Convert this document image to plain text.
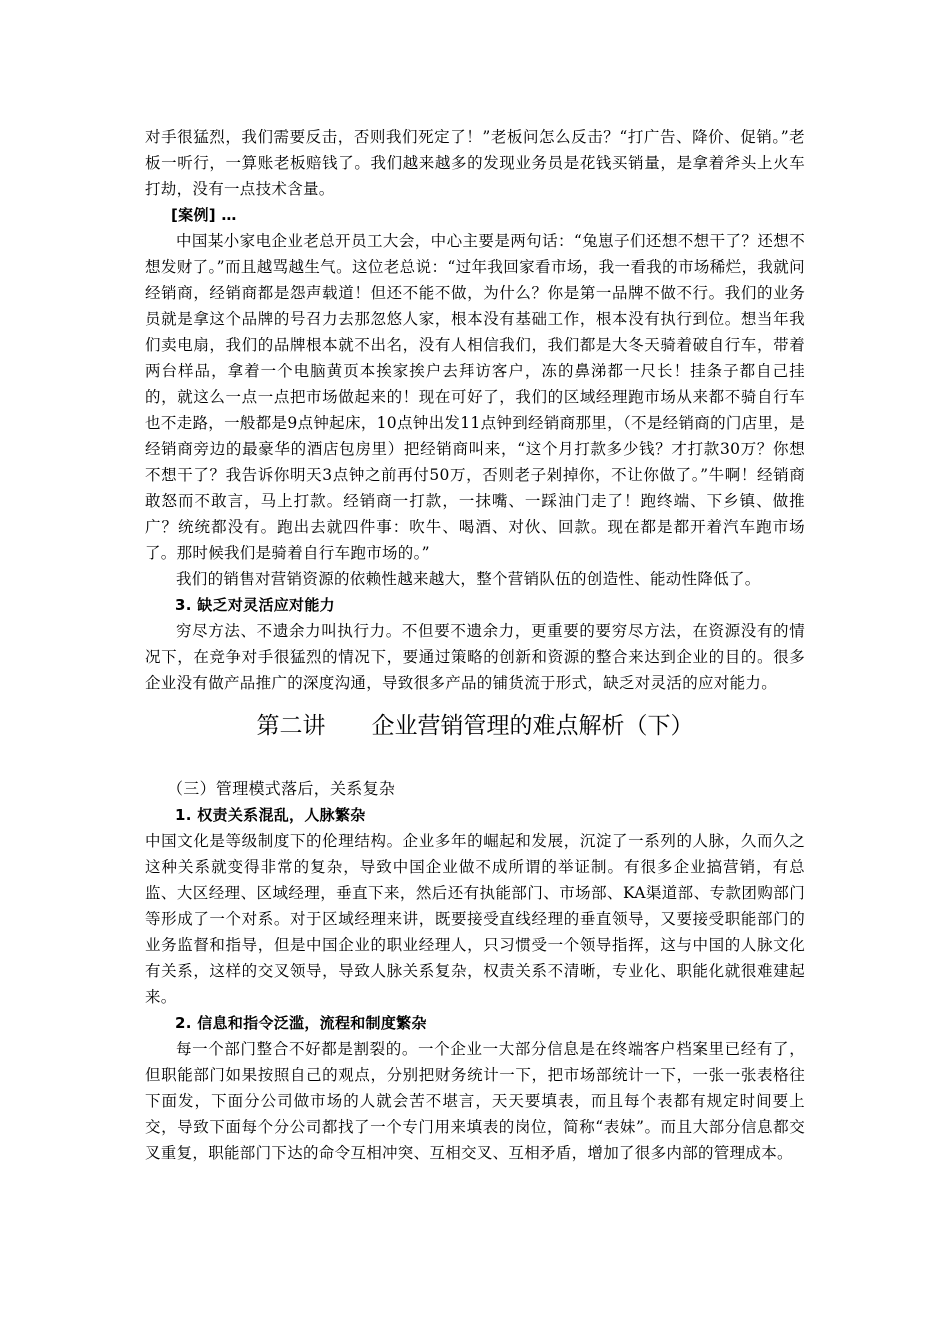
对手很猛烈，我们需要反击，否则我们死定了！”老板问怎么反击？“打广告、降价、促销。”老板一听行，一算账老板赔钱了。我们越来越多的发现业务员是花钱买销量，是拿着斧头上火车打劫，没有一点技术含量。

[案例] …

中国某小家电企业老总开员工大会，中心主要是两句话：“兔崽子们还想不想干了？还想不想发财了。”而且越骂越生气。这位老总说：“过年我回家看市场，我一看我的市场稀烂，我就问经销商，经销商都是怨声载道！但还不能不做，为什么？你是第一品牌不做不行。我们的业务员就是拿这个品牌的号召力去那忽悠人家，根本没有基础工作，根本没有执行到位。想当年我们卖电扇，我们的品牌根本就不出名，没有人相信我们，我们都是大冬天骑着破自行车，带着两台样品，拿着一个电脑黄页本挨家挨户去拜访客户，冻的鼻涕都一尺长！挂条子都自己挂的，就这么一点一点把市场做起来的！现在可好了，我们的区域经理跑市场从来都不骑自行车也不走路，一般都是9点钟起床，10点钟出发11点钟到经销商那里，（不是经销商的门店里，是经销商旁边的最豪华的酒店包房里）把经销商叫来，“这个月打款多少钱？才打款30万？你想不想干了？我告诉你明天3点钟之前再付50万，否则老子剁掉你，不让你做了。”牛啊！经销商敢怒而不敢言，马上打款。经销商一打款，一抹嘴、一踩油门走了！跑终端、下乡镇、做推广？统统都没有。跑出去就四件事：吹牛、喝酒、对伙、回款。现在都是都开着汽车跑市场了。那时候我们是骑着自行车跑市场的。”

我们的销售对营销资源的依赖性越来越大，整个营销队伍的创造性、能动性降低了。

3. 缺乏对灵活应对能力

穷尽方法、不遗余力叫执行力。不但要不遗余力，更重要的要穷尽方法，在资源没有的情况下，在竞争对手很猛烈的情况下，要通过策略的创新和资源的整合来达到企业的目的。很多企业没有做产品推广的深度沟通，导致很多产品的铺货流于形式，缺乏对灵活的应对能力。

第二讲　　企业营销管理的难点解析（下）

（三）管理模式落后，关系复杂

1. 权责关系混乱，人脉繁杂

中国文化是等级制度下的伦理结构。企业多年的崛起和发展，沉淀了一系列的人脉，久而久之这种关系就变得非常的复杂，导致中国企业做不成所谓的举证制。有很多企业搞营销，有总监、大区经理、区域经理，垂直下来，然后还有执能部门、市场部、KA渠道部、专款团购部门等形成了一个对系。对于区域经理来讲，既要接受直线经理的垂直领导，又要接受职能部门的业务监督和指导，但是中国企业的职业经理人，只习惯受一个领导指挥，这与中国的人脉文化有关系，这样的交叉领导，导致人脉关系复杂，权责关系不清晰，专业化、职能化就很难建起来。

2. 信息和指令泛滥，流程和制度繁杂

每一个部门整合不好都是割裂的。一个企业一大部分信息是在终端客户档案里已经有了，但职能部门如果按照自己的观点，分别把财务统计一下，把市场部统计一下，一张一张表格往下面发，下面分公司做市场的人就会苦不堪言，天天要填表，而且每个表都有规定时间要上交，导致下面每个分公司都找了一个专门用来填表的岗位，简称“表妹”。而且大部分信息都交叉重复，职能部门下达的命令互相冲突、互相交叉、互相矛盾，增加了很多内部的管理成本。
